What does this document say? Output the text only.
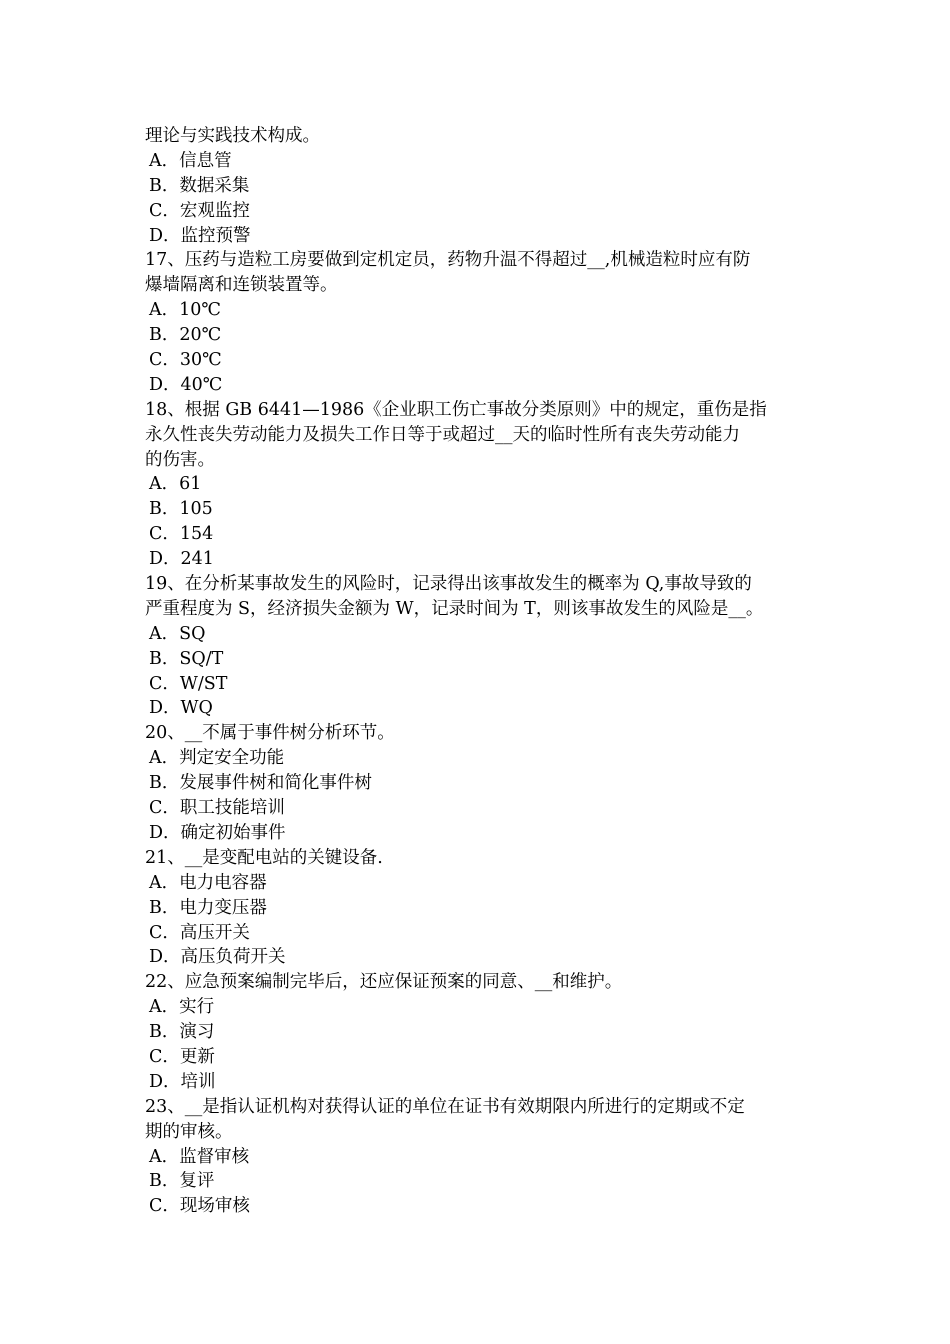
理论与实践技术构成。
A．信息管
B．数据采集
C．宏观监控
D．监控预警
17、压药与造粒工房要做到定机定员，药物升温不得超过__,机械造粒时应有防
爆墙隔离和连锁装置等。
A．10℃
B．20℃
C．30℃
D．40℃
18、根据 GB 6441—1986《企业职工伤亡事故分类原则》中的规定，重伤是指
永久性丧失劳动能力及损失工作日等于或超过__天的临时性所有丧失劳动能力
的伤害。
A．61
B．105
C．154
D．241
19、在分析某事故发生的风险时，记录得出该事故发生的概率为 Q,事故导致的
严重程度为 S，经济损失金额为 W，记录时间为 T，则该事故发生的风险是__。
A．SQ
B．SQ/T
C．W/ST
D．WQ
20、__不属于事件树分析环节。
A．判定安全功能
B．发展事件树和简化事件树
C．职工技能培训
D．确定初始事件
21、__是变配电站的关键设备.
A．电力电容器
B．电力变压器
C．高压开关
D．高压负荷开关
22、应急预案编制完毕后，还应保证预案的同意、__和维护。
A．实行
B．演习
C．更新
D．培训
23、__是指认证机构对获得认证的单位在证书有效期限内所进行的定期或不定
期的审核。
A．监督审核
B．复评
C．现场审核
